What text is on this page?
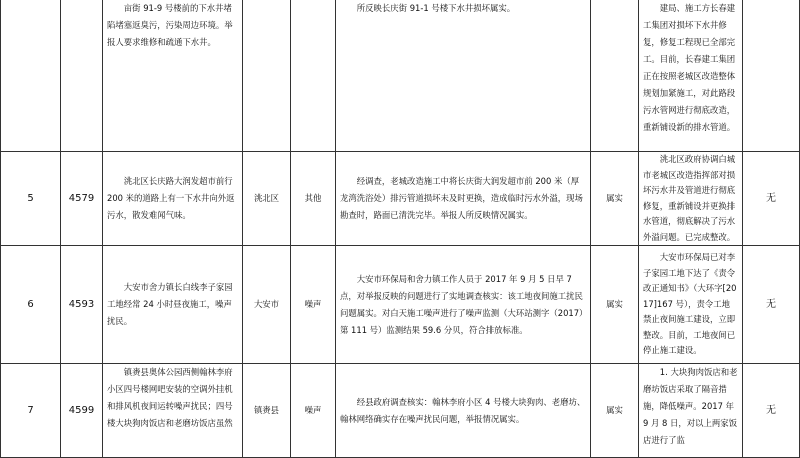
		亩街 91-9 号楼前的下水井堵陷堵塞返臭污，污染周边环境。举报人要求维修和疏通下水井。			所反映长庆街 91-1 号楼下水井损坏属实。		建局、施工方长春建工集团对损坏下水井修复，修复工程现已全部完工。目前，长春建工集团正在按照老城区改造整体规划加紧施工，对此路段污水管网进行彻底改造，重新铺设新的排水管道。	

5	4579	洮北区长庆路大润发超市前行 200 米的道路上有一下水井向外返污水，散发难闻气味。	洮北区	其他	经调查，老城改造施工中将长庆街大润发超市前 200 米（厚龙湾洗浴处）排污管道损坏未及时更换，造成临时污水外溢，现场勘查时，路面已清洗完毕。举报人所反映情况属实。	属实	洮北区政府协调白城市老城区改造指挥部对损坏污水井及管道进行彻底修复，重新铺设并更换排水管道，彻底解决了污水外溢问题。已完成整改。	无
6	4593	大安市舍力镇长白线李子家园工地经常 24 小时昼夜施工，噪声扰民。	大安市	噪声	大安市环保局和舍力镇工作人员于 2017 年 9 月 5 日早 7 点，对举报反映的问题进行了实地调查核实：该工地夜间施工扰民问题属实。对白天施工噪声进行了噪声监测（大环站测字（2017）第 111 号）监测结果 59.6 分贝，符合排放标准。	属实	大安市环保局已对李子家园工地下达了《责令改正通知书》（大环字[2017]167 号），责令工地禁止夜间施工建设，立即整改。目前，工地夜间已停止施工建设。	无
7	4599	镇赉县奥体公园西侧翰林李府小区四号楼网吧安装的空调外挂机和排风机夜间运转噪声扰民；四号楼大块狗肉饭店和老磨坊饭店虽然	镇赉县	噪声	经县政府调查核实：翰林李府小区 4 号楼大块狗肉、老磨坊、翰林网络确实存在噪声扰民问题，举报情况属实。	属实	1. 大块狗肉饭店和老磨坊饭店采取了隔音措施，降低噪声。2017 年 9 月 8 日，对以上两家饭店进行了监	无
